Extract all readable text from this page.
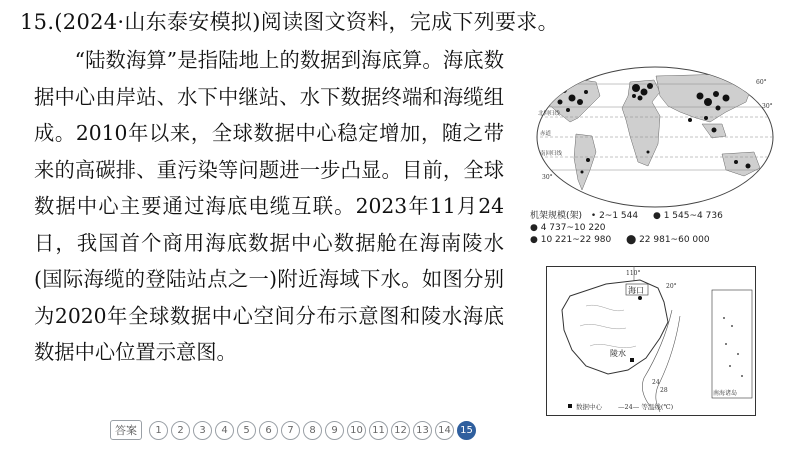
15.(2024·山东泰安模拟)阅读图文资料，完成下列要求。

“陆数海算”是指陆地上的数据到海底算。海底数据中心由岸站、水下中继站、水下数据终端和海缆组成。2010年以来，全球数据中心稳定增加，随之带来的高碳排、重污染等问题进一步凸显。目前，全球数据中心主要通过海底电缆互联。2023年11月24日，我国首个商用海底数据中心数据舱在海南陵水(国际海缆的登陆站点之一)附近海域下水。如图分别为2020年全球数据中心空间分布示意图和陵水海底数据中心位置示意图。

60°
30°
北回归线
赤道
南回归线
30°
机架规模(架) • 2~1 544 ● 1 545~4 736 ● 4 737~10 220
● 10 221~22 980 ⬤ 22 981~60 000
110°
20°
海口
陵水
24
28	南海诸岛
数据中心 —24— 等温线(℃)
答案	1	2	3	4	5	6	7	8	9	10 11 12 13 14 15
